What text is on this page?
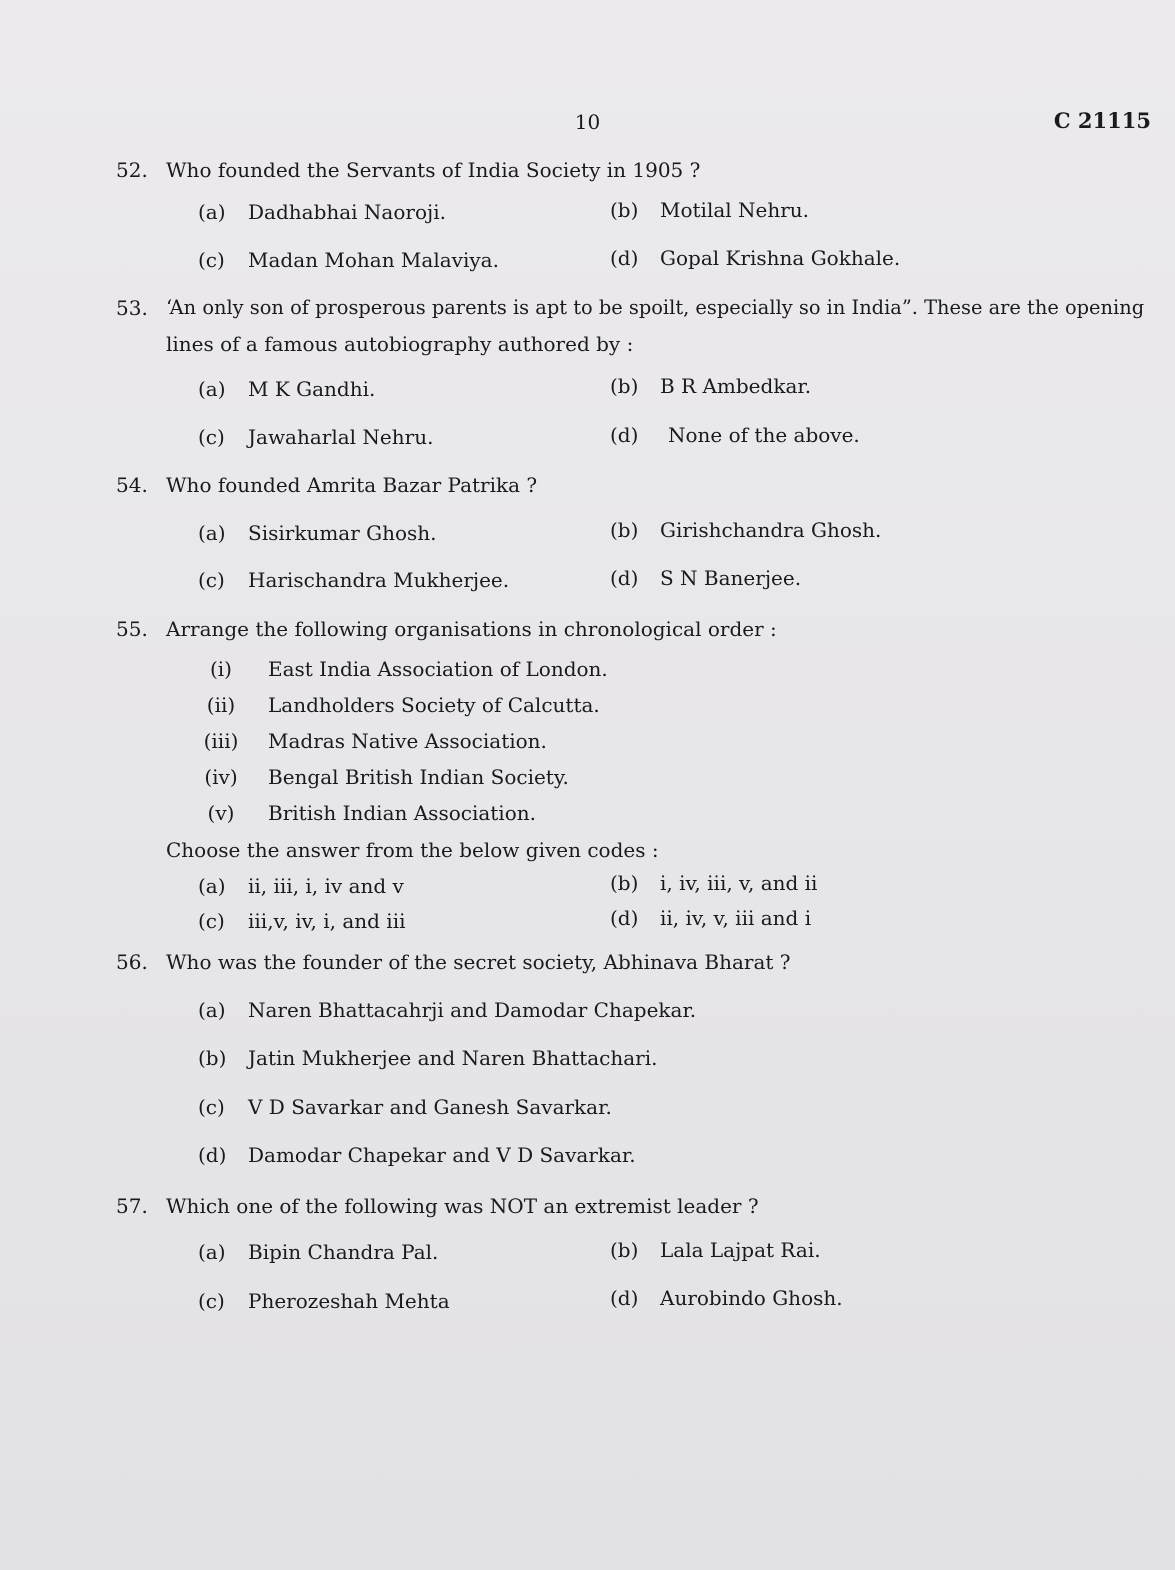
10	C 21115
52. Who founded the Servants of India Society in 1905 ?
(a) Dadhabhai Naoroji.	(b) Motilal Nehru.
(c) Madan Mohan Malaviya.	(d) Gopal Krishna Gokhale.
53. ‘An only son of prosperous parents is apt to be spoilt, especially so in India”. These are the opening
lines of a famous autobiography authored by :
(a) M K Gandhi.	(b) B R Ambedkar.
(c) Jawaharlal Nehru.	(d) None of the above.
54. Who founded Amrita Bazar Patrika ?
(a) Sisirkumar Ghosh.	(b) Girishchandra Ghosh.
(c) Harischandra Mukherjee.	(d) S N Banerjee.
55. Arrange the following organisations in chronological order :
(i) East India Association of London.
(ii) Landholders Society of Calcutta.
(iii) Madras Native Association.
(iv) Bengal British Indian Society.
(v) British Indian Association.
Choose the answer from the below given codes :
(a) ii, iii, i, iv and v	(b) i, iv, iii, v, and ii
(c) iii,v, iv, i, and iii	(d) ii, iv, v, iii and i
56. Who was the founder of the secret society, Abhinava Bharat ?
(a) Naren Bhattacahrji and Damodar Chapekar.
(b) Jatin Mukherjee and Naren Bhattachari.
(c) V D Savarkar and Ganesh Savarkar.
(d) Damodar Chapekar and V D Savarkar.
57. Which one of the following was NOT an extremist leader ?
(a) Bipin Chandra Pal.	(b) Lala Lajpat Rai.
(c) Pherozeshah Mehta	(d) Aurobindo Ghosh.
